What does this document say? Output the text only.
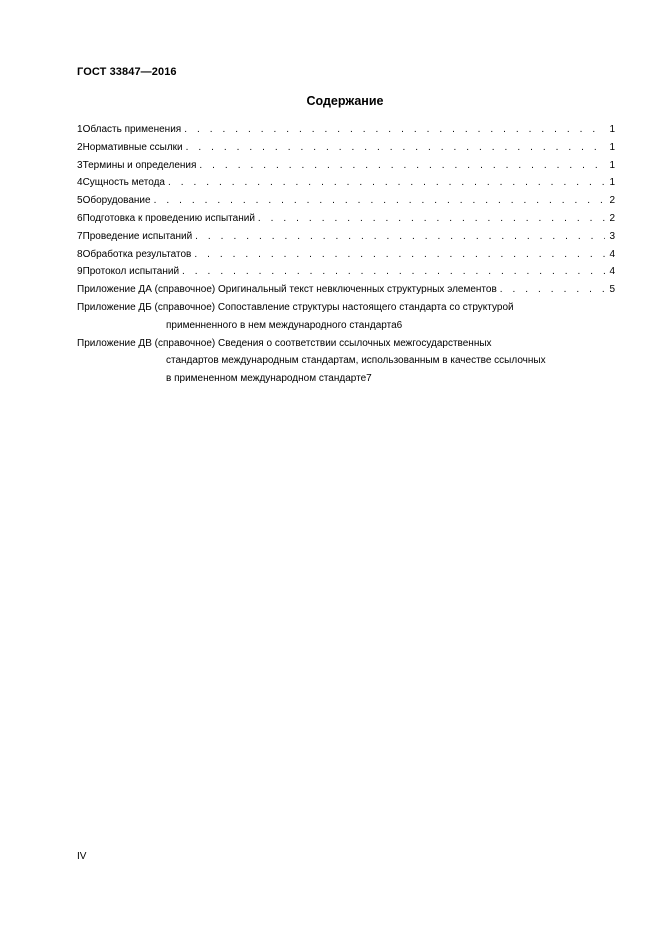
ГОСТ 33847—2016
Содержание
1 Область применения . . .	1
2 Нормативные ссылки . . .	1
3 Термины и определения . . .	1
4 Сущность метода . . .	1
5 Оборудование . . .	2
6 Подготовка к проведению испытаний . . .	2
7 Проведение испытаний . . .	3
8 Обработка результатов . . .	4
9 Протокол испытаний . . .	4
Приложение ДА (справочное) Оригинальный текст невключенных структурных элементов . . .	5
Приложение ДБ (справочное) Сопоставление структуры настоящего стандарта со структурой
применненного в нем международного стандарта 6
Приложение ДВ (справочное) Сведения о соответствии ссылочных межгосударственных
стандартов международным стандартам, использованным в качестве ссылочных
в примененном международном стандарте 7
IV
